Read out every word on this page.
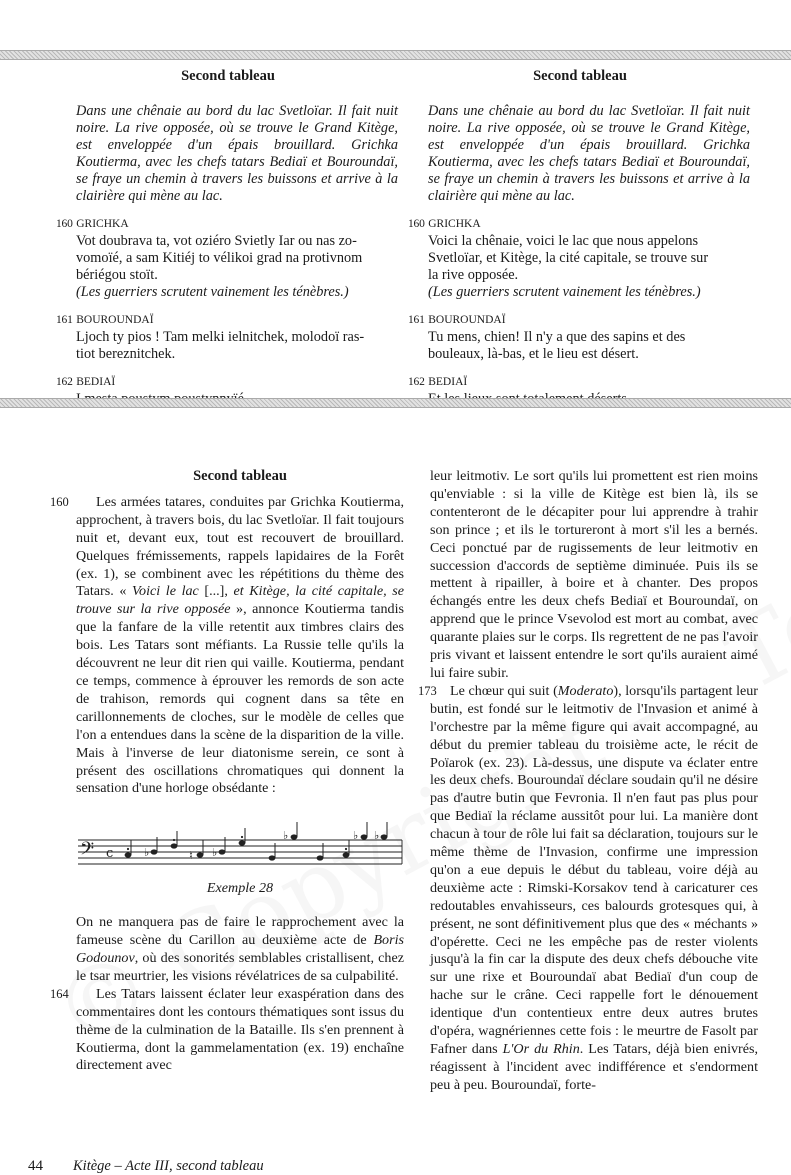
Second tableau
Dans une chênaie au bord du lac Svetloïar. Il fait nuit noire. La rive opposée, où se trouve le Grand Kitège, est enveloppée d'un épais brouillard. Grichka Koutierma, avec les chefs tatars Bediaï et Bouroundaï, se fraye un chemin à travers les buissons et arrive à la clairière qui mène au lac.
160 GRICHKA
Vot doubrava ta, vot oziéro Svietly Iar ou nas zo-
vomoïé, a sam Kitiéj to vélikoi grad na protivnom
bériégou stoït.
(Les guerriers scrutent vainement les ténèbres.)
161 BOUROUNDAÏ
Ljoch ty pios ! Tam melki ielnitchek, molodoï ras-
tiot bereznitchek.
162 BEDIAÏ
Second tableau
Dans une chênaie au bord du lac Svetloïar. Il fait nuit noire. La rive opposée, où se trouve le Grand Kitège, est enveloppée d'un épais brouillard. Grichka Koutierma, avec les chefs tatars Bediaï et Bouroundaï, se fraye un chemin à travers les buissons et arrive à la clairière qui mène au lac.
160 GRICHKA
Voici la chênaie, voici le lac que nous appelons
Svetloïar, et Kitège, la cité capitale, se trouve sur
la rive opposée.
(Les guerriers scrutent vainement les ténèbres.)
161 BOUROUNDAÏ
Tu mens, chien! Il n'y a que des sapins et des
bouleaux, là-bas, et le lieu est désert.
162 BEDIAÏ
Second tableau

160 Les armées tatares, conduites par Grichka Koutierma, approchent, à travers bois, du lac Svetloïar. Il fait toujours nuit et, devant eux, tout est recouvert de brouillard. Quelques frémissements, rappels lapidaires de la Forêt (ex. 1), se combinent avec les répétitions du thème des Tatars. « Voici le lac [...], et Kitège, la cité capitale, se trouve sur la rive opposée », annonce Koutierma tandis que la fanfare de la ville retentit aux timbres clairs des bois. Les Tatars sont méfiants. La Russie telle qu'ils la découvrent ne leur dit rien qui vaille. Koutierma, pendant ce temps, commence à éprouver les remords de son acte de trahison, remords qui cognent dans sa tête en carillonnements de cloches, sur le modèle de celles que l'on a entendues dans la scène de la disparition de la ville. Mais à l'inverse de leur diatonisme serein, ce sont à présent des oscillations chromatiques qui donnent la sensation d'une horloge obsédante :

𝄢 c	♭	♮ ♭
♭	♭ ♭
Exemple 28

On ne manquera pas de faire le rapprochement avec la fameuse scène du Carillon au deuxième acte de Boris Godounov, où des sonorités semblables cristallisent, chez le tsar meurtrier, les visions révélatrices de sa culpabilité.

164 Les Tatars laissent éclater leur exaspération dans des commentaires dont les contours thématiques sont issus du thème de la culmination de la Bataille. Ils s'en prennent à Koutierma, dont la gammelamentation (ex. 19) enchaîne directement avec

leur leitmotiv. Le sort qu'ils lui promettent est rien moins qu'enviable : si la ville de Kitège est bien là, ils se contenteront de le décapiter pour lui apprendre à trahir son prince ; et ils le tortureront à mort s'il les a bernés. Ceci ponctué par de rugissements de leur leitmotiv en succession d'accords de septième diminuée. Puis ils se mettent à ripailler, à boire et à chanter. Des propos échangés entre les deux chefs Bediaï et Bouroundaï, on apprend que le prince Vsevolod est mort au combat, avec quarante plaies sur le corps. Ils regrettent de ne pas l'avoir pris vivant et laissent entendre le sort qu'ils auraient aimé lui faire subir.

173 Le chœur qui suit (Moderato), lorsqu'ils partagent leur butin, est fondé sur le leitmotiv de l'Invasion et animé à l'orchestre par la même figure qui avait accompagné, au début du premier tableau du troisième acte, le récit de Poïarok (ex. 23). Là-dessus, une dispute va éclater entre les deux chefs. Bouroundaï déclare soudain qu'il ne désire pas d'autre butin que Fevronia. Il n'en faut pas plus pour que Bediaï la réclame aussitôt pour lui. La manière dont chacun à tour de rôle lui fait sa déclaration, toujours sur le même thème de l'Invasion, confirme une impression qu'on a eue depuis le début du tableau, voire déjà au deuxième acte : Rimski-Korsakov tend à caricaturer ces redoutables envahisseurs, ces balourds grotesques qui, à présent, ne sont définitivement plus que des « méchants » d'opérette. Ceci ne les empêche pas de rester violents jusqu'à la fin car la dispute des deux chefs débouche vite sur une rixe et Bouroundaï abat Bediaï d'un coup de hache sur le crâne. Ceci rappelle fort le dénouement identique d'un contentieux entre deux autres brutes d'opéra, wagnériennes cette fois : le meurtre de Fasolt par Fafner dans L'Or du Rhin. Les Tatars, déjà bien enivrés, réagissent à l'incident avec indifférence et s'endorment peu à peu. Bouroundaï, forte-

44 Kitège – Acte III, second tableau
